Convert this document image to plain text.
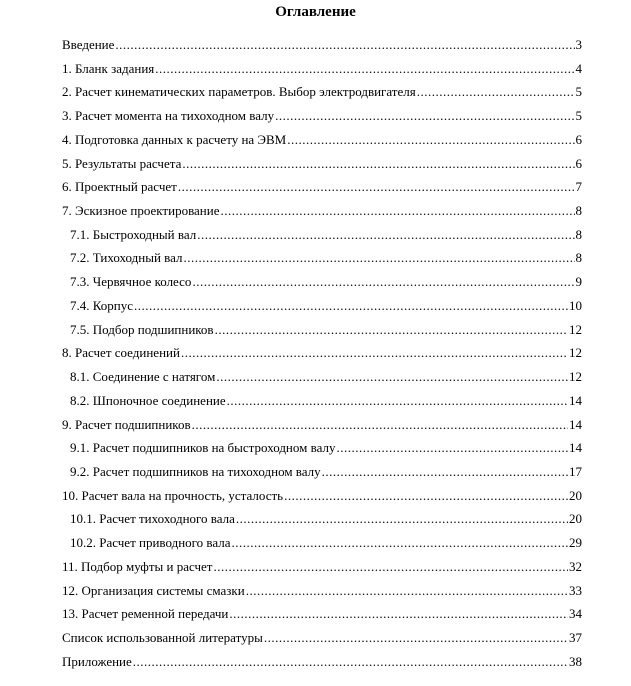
Оглавление
Введение .....	3
1. Бланк задания .....	4
2. Расчет кинематических параметров. Выбор электродвигателя .....	5
3. Расчет момента на тихоходном валу .....	5
4. Подготовка данных к расчету на ЭВМ .....	6
5. Результаты расчета .....	6
6. Проектный расчет .....	7
7. Эскизное проектирование .....	8
7.1. Быстроходный вал .....	8
7.2. Тихоходный вал .....	8
7.3. Червячное колесо .....	9
7.4. Корпус .....	10
7.5. Подбор подшипников .....	12
8. Расчет соединений .....	12
8.1. Соединение с натягом .....	12
8.2. Шпоночное соединение .....	14
9. Расчет подшипников .....	14
9.1. Расчет подшипников на быстроходном валу .....	14
9.2. Расчет подшипников на тихоходном валу .....	17
10. Расчет вала на прочность, усталость .....	20
10.1. Расчет тихоходного вала .....	20
10.2. Расчет приводного вала .....	29
11. Подбор муфты и расчет .....	32
12. Организация системы смазки .....	33
13. Расчет ременной передачи .....	34
Список использованной литературы .....	37
Приложение .....	38
